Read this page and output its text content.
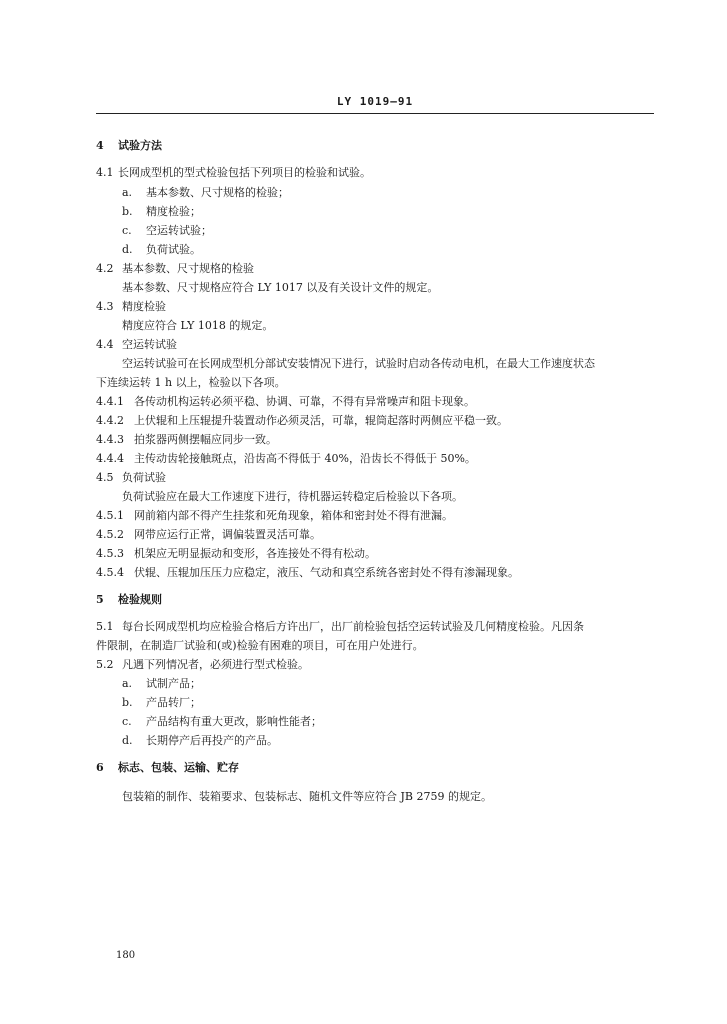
LY 1019—91
4 试验方法
4.1 长网成型机的型式检验包括下列项目的检验和试验。
a. 基本参数、尺寸规格的检验；
b. 精度检验；
c. 空运转试验；
d. 负荷试验。
4.2 基本参数、尺寸规格的检验
基本参数、尺寸规格应符合 LY 1017 以及有关设计文件的规定。
4.3 精度检验
精度应符合 LY 1018 的规定。
4.4 空运转试验
空运转试验可在长网成型机分部试安装情况下进行，试验时启动各传动电机，在最大工作速度状态
下连续运转 1 h 以上，检验以下各项。
4.4.1 各传动机构运转必须平稳、协调、可靠，不得有异常噪声和阻卡现象。
4.4.2 上伏辊和上压辊提升装置动作必须灵活，可靠，辊筒起落时两侧应平稳一致。
4.4.3 拍浆器两侧摆幅应同步一致。
4.4.4 主传动齿轮接触斑点，沿齿高不得低于 40%，沿齿长不得低于 50%。
4.5 负荷试验
负荷试验应在最大工作速度下进行，待机器运转稳定后检验以下各项。
4.5.1 网前箱内部不得产生挂浆和死角现象，箱体和密封处不得有泄漏。
4.5.2 网带应运行正常，调偏装置灵活可靠。
4.5.3 机架应无明显振动和变形，各连接处不得有松动。
4.5.4 伏辊、压辊加压压力应稳定，液压、气动和真空系统各密封处不得有渗漏现象。
5 检验规则
5.1 每台长网成型机均应检验合格后方许出厂，出厂前检验包括空运转试验及几何精度检验。凡因条
件限制，在制造厂试验和(或)检验有困难的项目，可在用户处进行。
5.2 凡遇下列情况者，必须进行型式检验。
a. 试制产品；
b. 产品转厂；
c. 产品结构有重大更改，影响性能者；
d. 长期停产后再投产的产品。
6 标志、包装、运输、贮存
包装箱的制作、装箱要求、包装标志、随机文件等应符合 JB 2759 的规定。
180
